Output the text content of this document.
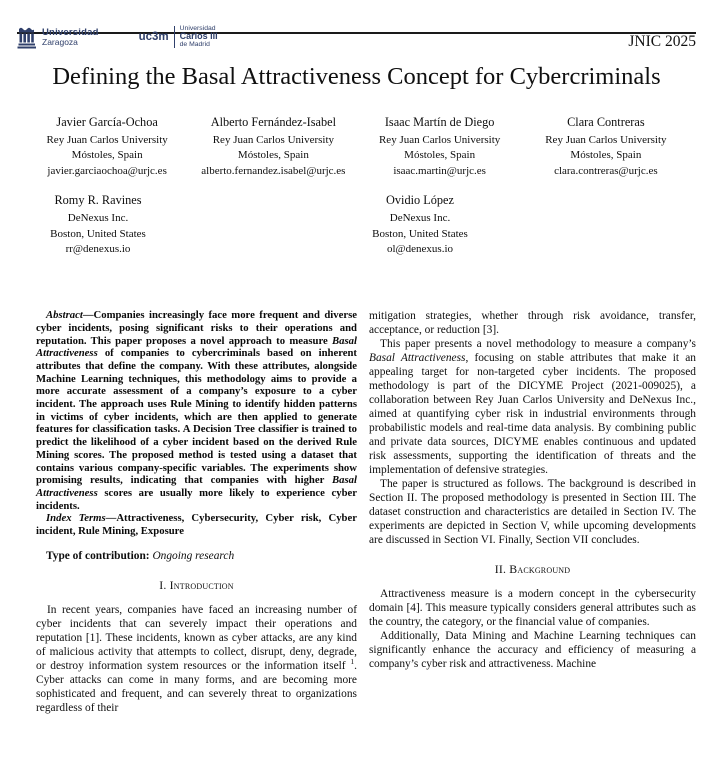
Universidad
Zaragoza	uc3m
Universidad
Carlos III
de Madrid	JNIC 2025
Defining the Basal Attractiveness Concept for Cybercriminals
Javier García-Ochoa
Rey Juan Carlos University
Móstoles, Spain
javier.garciaochoa@urjc.es
Alberto Fernández-Isabel
Rey Juan Carlos University
Móstoles, Spain
alberto.fernandez.isabel@urjc.es
Isaac Martín de Diego
Rey Juan Carlos University
Móstoles, Spain
isaac.martin@urjc.es
Clara Contreras
Rey Juan Carlos University
Móstoles, Spain
clara.contreras@urjc.es
Romy R. Ravines
DeNexus Inc.
Boston, United States
rr@denexus.io
Ovidio López
DeNexus Inc.
Boston, United States
ol@denexus.io

Abstract—Companies increasingly face more frequent and diverse cyber incidents, posing significant risks to their operations and reputation. This paper proposes a novel approach to measure Basal Attractiveness of companies to cybercriminals based on inherent attributes that define the company. With these attributes, alongside Machine Learning techniques, this methodology aims to provide a more accurate assessment of a company’s exposure to a cyber incident. The approach uses Rule Mining to identify hidden patterns in victims of cyber incidents, which are then applied to generate features for classification tasks. A Decision Tree classifier is trained to predict the likelihood of a cyber incident based on the derived Rule Mining scores. The proposed method is tested using a dataset that contains various company-specific variables. The experiments show promising results, indicating that companies with higher Basal Attractiveness scores are usually more likely to experience cyber incidents.

Index Terms—Attractiveness, Cybersecurity, Cyber risk, Cyber incident, Rule Mining, Exposure

Type of contribution: Ongoing research

I. Introduction

In recent years, companies have faced an increasing number of cyber incidents that can severely impact their operations and reputation [1]. These incidents, known as cyber attacks, are any kind of malicious activity that attempts to collect, disrupt, deny, degrade, or destroy information system resources or the information itself $^1$. Cyber attacks can come in many forms, and are becoming more sophisticated and frequent, and can severely threat to organizations regardless of their

mitigation strategies, whether through risk avoidance, transfer, acceptance, or reduction [3].

This paper presents a novel methodology to measure a company’s Basal Attractiveness, focusing on stable attributes that make it an appealing target for non-targeted cyber incidents. The proposed methodology is part of the DICYME Project (2021-009025), a collaboration between Rey Juan Carlos University and DeNexus Inc., aimed at quantifying cyber risk in industrial environments through probabilistic models and real-time data analysis. By combining public and private data sources, DICYME enables continuous and updated risk assessments, supporting the identification of threats and the implementation of defensive strategies.

The paper is structured as follows. The background is described in Section II. The proposed methodology is presented in Section III. The dataset construction and characteristics are detailed in Section IV. The experiments are depicted in Section V, while upcoming developments are discussed in Section VI. Finally, Section VII concludes.

II. Background

Attractiveness measure is a modern concept in the cybersecurity domain [4]. This measure typically considers general attributes such as the country, the category, or the financial value of companies.

Additionally, Data Mining and Machine Learning techniques can significantly enhance the accuracy and efficiency of measuring a company’s cyber risk and attractiveness. Machine
